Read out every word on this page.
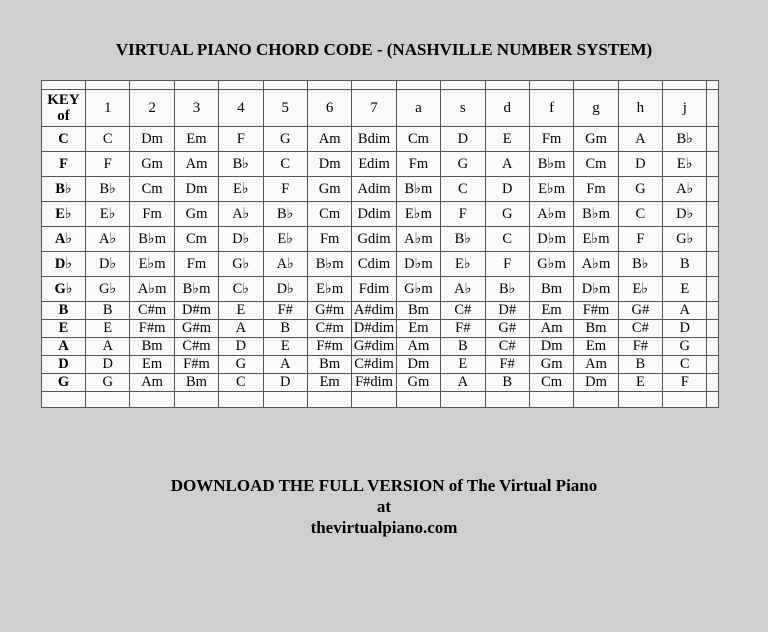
VIRTUAL PIANO CHORD CODE - (NASHVILLE NUMBER SYSTEM)

KEY
of	1	2	3	4	5	6	7	a	s	d	f	g	h	j	
C	C	Dm	Em	F	G	Am	Bdim	Cm	D	E	Fm	Gm	A	B♭	
F	F	Gm	Am	B♭	C	Dm	Edim	Fm	G	A	B♭m	Cm	D	E♭	
B♭	B♭	Cm	Dm	E♭	F	Gm	Adim	B♭m	C	D	E♭m	Fm	G	A♭	
E♭	E♭	Fm	Gm	A♭	B♭	Cm	Ddim	E♭m	F	G	A♭m	B♭m	C	D♭	
A♭	A♭	B♭m	Cm	D♭	E♭	Fm	Gdim	A♭m	B♭	C	D♭m	E♭m	F	G♭	
D♭	D♭	E♭m	Fm	G♭	A♭	B♭m	Cdim	D♭m	E♭	F	G♭m	A♭m	B♭	B	
G♭	G♭	A♭m	B♭m	C♭	D♭	E♭m	Fdim	G♭m	A♭	B♭	Bm	D♭m	E♭	E	
B	B	C#m	D#m	E	F#	G#m	A#dim	Bm	C#	D#	Em	F#m	G#	A	
E	E	F#m	G#m	A	B	C#m	D#dim	Em	F#	G#	Am	Bm	C#	D	
A	A	Bm	C#m	D	E	F#m	G#dim	Am	B	C#	Dm	Em	F#	G	
D	D	Em	F#m	G	A	Bm	C#dim	Dm	E	F#	Gm	Am	B	C	
G	G	Am	Bm	C	D	Em	F#dim	Gm	A	B	Cm	Dm	E	F	

DOWNLOAD THE FULL VERSION of The Virtual Piano
at
thevirtualpiano.com
